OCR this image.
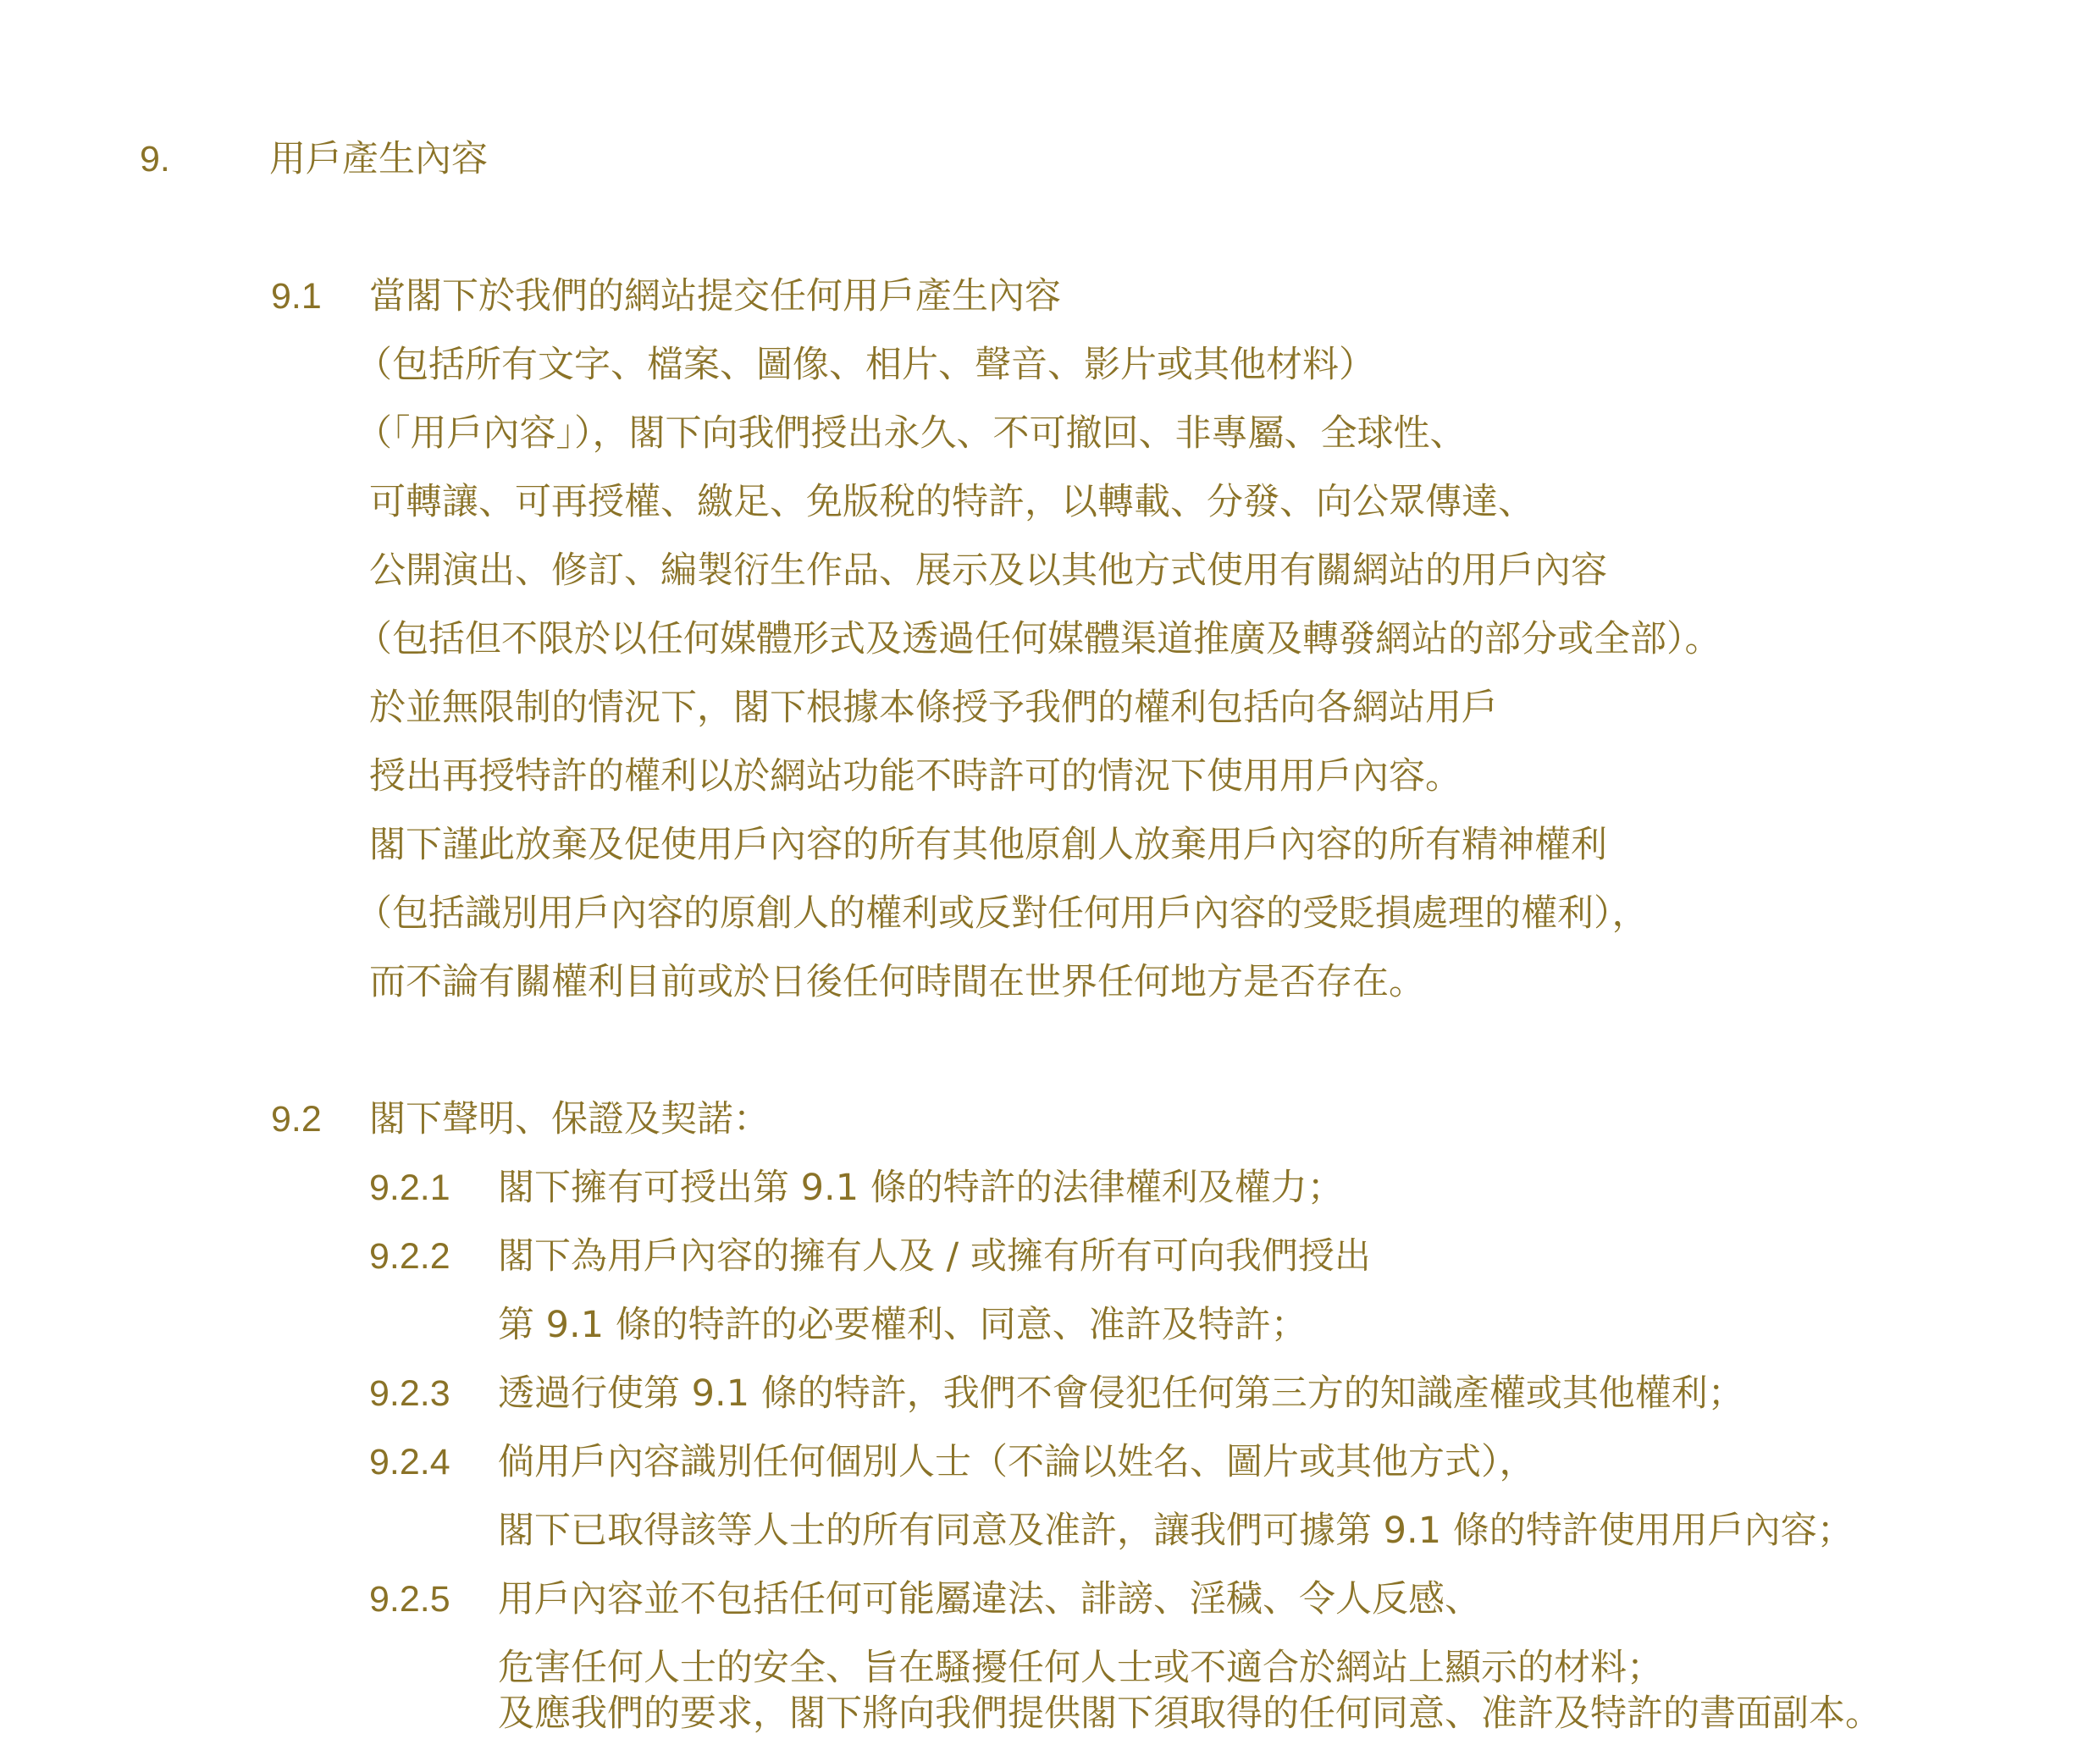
9.	用戶產生內容
9.1 當閣下於我們的網站提交任何用戶產生內容
（包括所有文字、檔案、圖像、相片、聲音、影片或其他材料）
（「用戶內容」），閣下向我們授出永久、不可撤回、非專屬、全球性、
可轉讓、可再授權、繳足、免版稅的特許，以轉載、分發、向公眾傳達、
公開演出、修訂、編製衍生作品、展示及以其他方式使用有關網站的用戶內容
（包括但不限於以任何媒體形式及透過任何媒體渠道推廣及轉發網站的部分或全部）。
於並無限制的情況下，閣下根據本條授予我們的權利包括向各網站用戶
授出再授特許的權利以於網站功能不時許可的情況下使用用戶內容。
閣下謹此放棄及促使用戶內容的所有其他原創人放棄用戶內容的所有精神權利
（包括識別用戶內容的原創人的權利或反對任何用戶內容的受貶損處理的權利），
而不論有關權利目前或於日後任何時間在世界任何地方是否存在。
9.2 閣下聲明、保證及契諾：
9.2.1 閣下擁有可授出第 9.1 條的特許的法律權利及權力；
9.2.2 閣下為用戶內容的擁有人及 / 或擁有所有可向我們授出
第 9.1 條的特許的必要權利、同意、准許及特許；
9.2.3 透過行使第 9.1 條的特許，我們不會侵犯任何第三方的知識產權或其他權利；
9.2.4 倘用戶內容識別任何個別人士（不論以姓名、圖片或其他方式），
閣下已取得該等人士的所有同意及准許，讓我們可據第 9.1 條的特許使用用戶內容；
9.2.5 用戶內容並不包括任何可能屬違法、誹謗、淫穢、令人反感、
危害任何人士的安全、旨在騷擾任何人士或不適合於網站上顯示的材料；
及應我們的要求，閣下將向我們提供閣下須取得的任何同意、准許及特許的書面副本。
